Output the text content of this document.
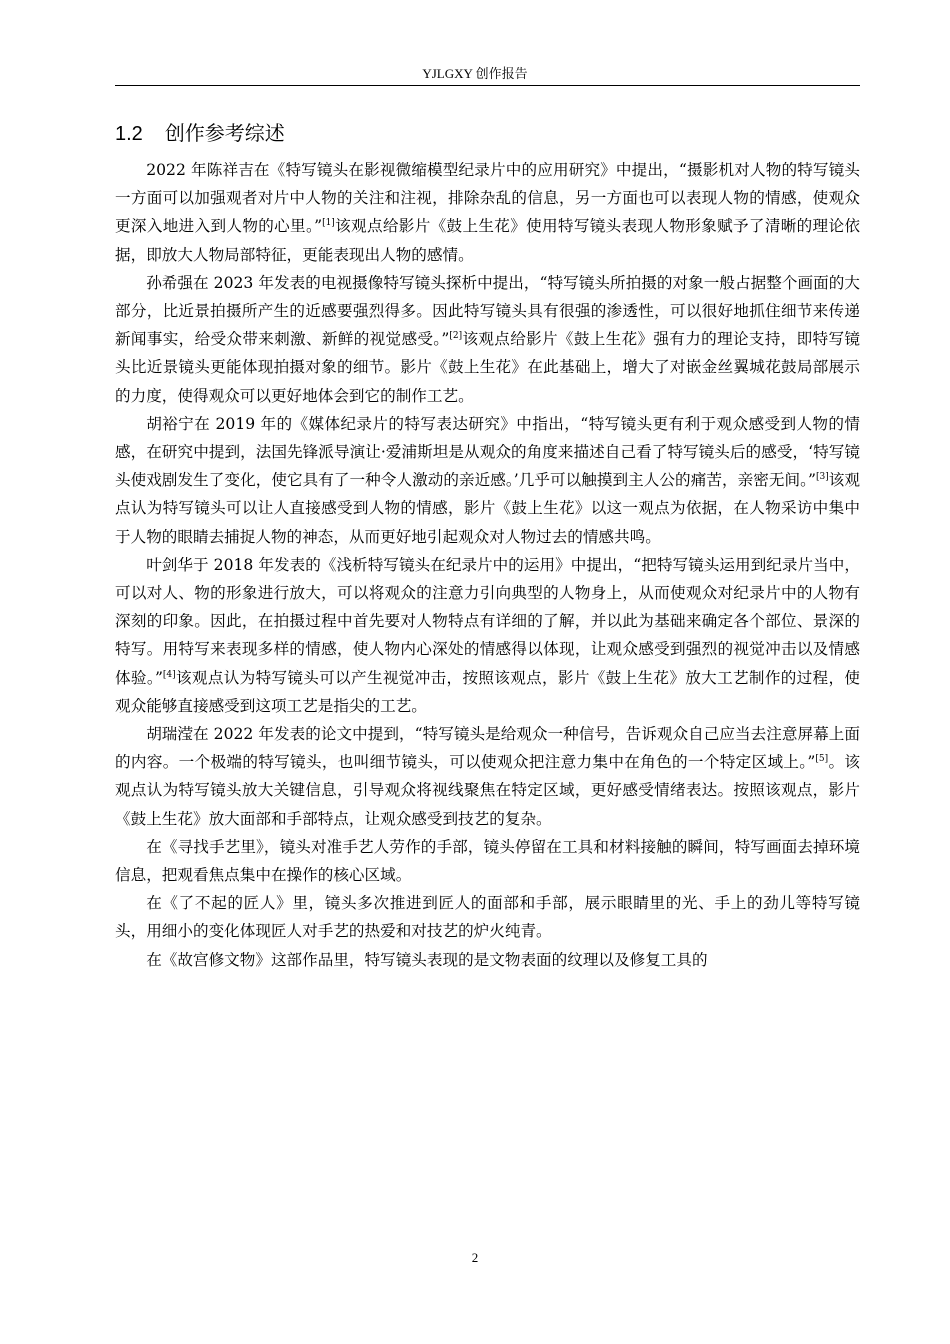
YJLGXY 创作报告
1.2 创作参考综述

2022 年陈祥吉在《特写镜头在影视微缩模型纪录片中的应用研究》中提出，“摄影机对人物的特写镜头一方面可以加强观者对片中人物的关注和注视，排除杂乱的信息，另一方面也可以表现人物的情感，使观众更深入地进入到人物的心里。”[1]该观点给影片《鼓上生花》使用特写镜头表现人物形象赋予了清晰的理论依据，即放大人物局部特征，更能表现出人物的感情。

孙希强在 2023 年发表的电视摄像特写镜头探析中提出，“特写镜头所拍摄的对象一般占据整个画面的大部分，比近景拍摄所产生的近感要强烈得多。因此特写镜头具有很强的渗透性，可以很好地抓住细节来传递新闻事实，给受众带来刺激、新鲜的视觉感受。”[2]该观点给影片《鼓上生花》强有力的理论支持，即特写镜头比近景镜头更能体现拍摄对象的细节。影片《鼓上生花》在此基础上，增大了对嵌金丝翼城花鼓局部展示的力度，使得观众可以更好地体会到它的制作工艺。

胡裕宁在 2019 年的《媒体纪录片的特写表达研究》中指出，“特写镜头更有利于观众感受到人物的情感，在研究中提到，法国先锋派导演让·爱浦斯坦是从观众的角度来描述自己看了特写镜头后的感受，‘特写镜头使戏剧发生了变化，使它具有了一种令人激动的亲近感。’几乎可以触摸到主人公的痛苦，亲密无间。”[3]该观点认为特写镜头可以让人直接感受到人物的情感，影片《鼓上生花》以这一观点为依据，在人物采访中集中于人物的眼睛去捕捉人物的神态，从而更好地引起观众对人物过去的情感共鸣。

叶剑华于 2018 年发表的《浅析特写镜头在纪录片中的运用》中提出，“把特写镜头运用到纪录片当中，可以对人、物的形象进行放大，可以将观众的注意力引向典型的人物身上，从而使观众对纪录片中的人物有深刻的印象。因此，在拍摄过程中首先要对人物特点有详细的了解，并以此为基础来确定各个部位、景深的特写。用特写来表现多样的情感，使人物内心深处的情感得以体现，让观众感受到强烈的视觉冲击以及情感体验。”[4]该观点认为特写镜头可以产生视觉冲击，按照该观点，影片《鼓上生花》放大工艺制作的过程，使观众能够直接感受到这项工艺是指尖的工艺。

胡瑞滢在 2022 年发表的论文中提到，“特写镜头是给观众一种信号，告诉观众自己应当去注意屏幕上面的内容。一个极端的特写镜头，也叫细节镜头，可以使观众把注意力集中在角色的一个特定区域上。”[5]。该观点认为特写镜头放大关键信息，引导观众将视线聚焦在特定区域，更好感受情绪表达。按照该观点，影片《鼓上生花》放大面部和手部特点，让观众感受到技艺的复杂。

在《寻找手艺里》，镜头对准手艺人劳作的手部，镜头停留在工具和材料接触的瞬间，特写画面去掉环境信息，把观看焦点集中在操作的核心区域。

在《了不起的匠人》里，镜头多次推进到匠人的面部和手部，展示眼睛里的光、手上的劲儿等特写镜头，用细小的变化体现匠人对手艺的热爱和对技艺的炉火纯青。

在《故宫修文物》这部作品里，特写镜头表现的是文物表面的纹理以及修复工具的

2
